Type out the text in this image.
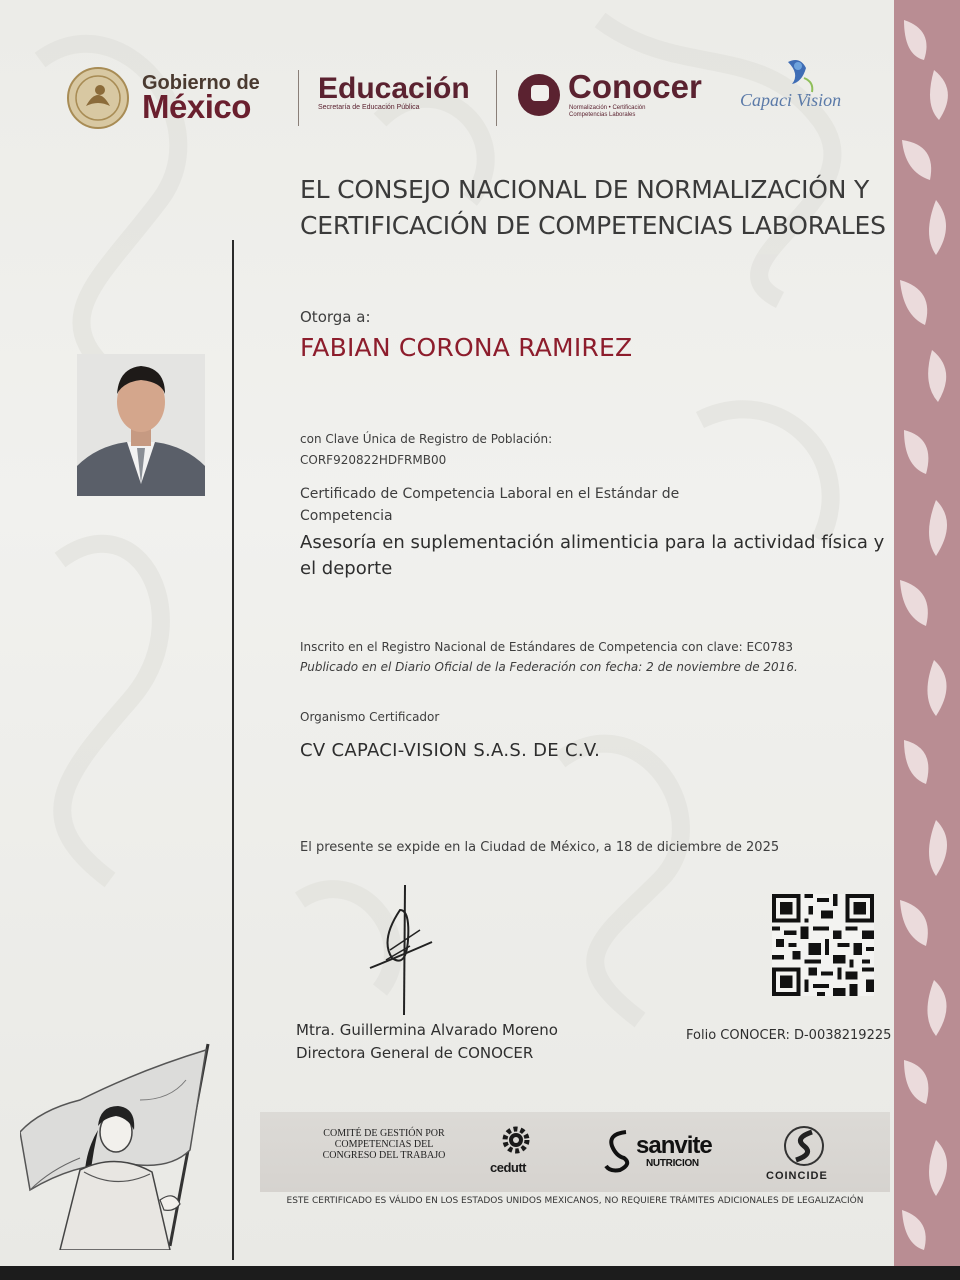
Gobierno de
México Educación
Secretaría de Educación Pública
Conocer
Normalización • Certificación
Competencias Laborales
Capaci Vision
EL CONSEJO NACIONAL DE NORMALIZACIÓN Y CERTIFICACIÓN DE COMPETENCIAS LABORALES
Otorga a:
FABIAN CORONA RAMIREZ
con Clave Única de Registro de Población:
CORF920822HDFRMB00
Certificado de Competencia Laboral en el Estándar de Competencia
Asesoría en suplementación alimenticia para la actividad física y el deporte
Inscrito en el Registro Nacional de Estándares de Competencia con clave: EC0783
Publicado en el Diario Oficial de la Federación con fecha: 2 de noviembre de 2016.
Organismo Certificador
CV CAPACI-VISION S.A.S. DE C.V.
El presente se expide en la Ciudad de México, a 18 de diciembre de 2025
Mtra. Guillermina Alvarado Moreno
Directora General de CONOCER
Folio CONOCER: D-0038219225
COMITÉ DE GESTIÓN POR COMPETENCIAS DEL CONGRESO DEL TRABAJO
cedutt
sanvite
NUTRICION
COINCIDE
ESTE CERTIFICADO ES VÁLIDO EN LOS ESTADOS UNIDOS MEXICANOS, NO REQUIERE TRÁMITES ADICIONALES DE LEGALIZACIÓN
